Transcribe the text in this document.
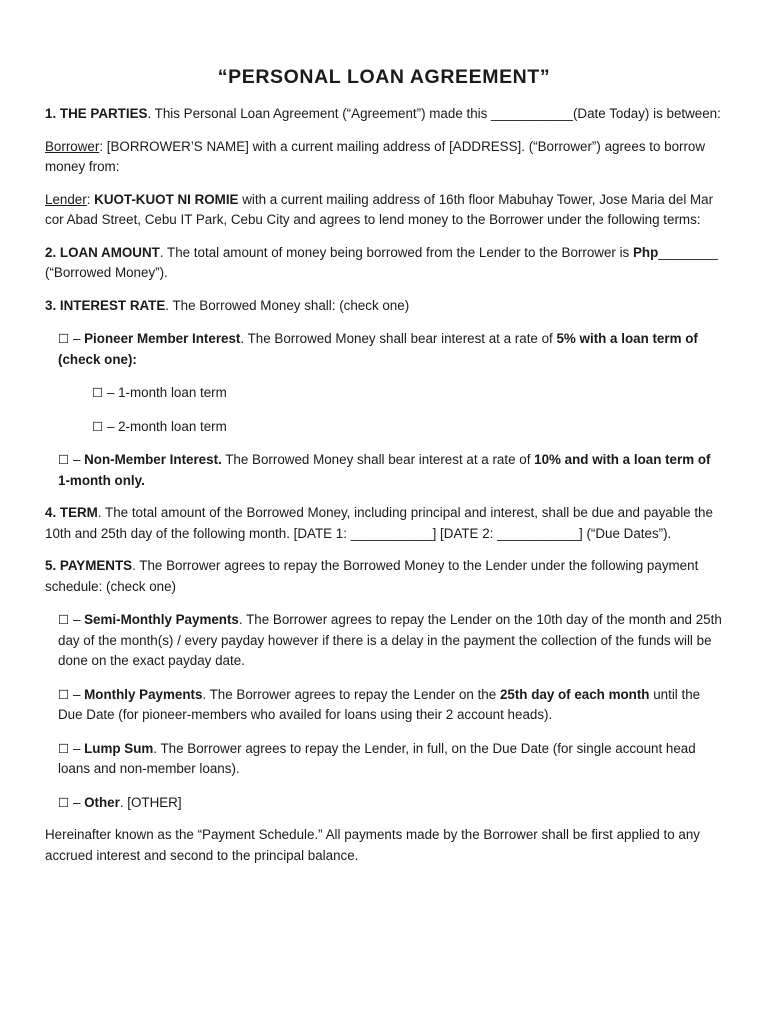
“PERSONAL LOAN AGREEMENT”

1. THE PARTIES. This Personal Loan Agreement (“Agreement”) made this ___________(Date Today) is between:

Borrower: [BORROWER’S NAME] with a current mailing address of [ADDRESS]. (“Borrower”) agrees to borrow money from:

Lender: KUOT-KUOT NI ROMIE with a current mailing address of 16th floor Mabuhay Tower, Jose Maria del Mar cor Abad Street, Cebu IT Park, Cebu City and agrees to lend money to the Borrower under the following terms:

2. LOAN AMOUNT. The total amount of money being borrowed from the Lender to the Borrower is Php________ (“Borrowed Money”).

3. INTEREST RATE. The Borrowed Money shall: (check one)

☐ – Pioneer Member Interest. The Borrowed Money shall bear interest at a rate of 5% with a loan term of (check one):

☐ – 1-month loan term

☐ – 2-month loan term

☐ – Non-Member Interest. The Borrowed Money shall bear interest at a rate of 10% and with a loan term of 1-month only.

4. TERM. The total amount of the Borrowed Money, including principal and interest, shall be due and payable the 10th and 25th day of the following month. [DATE 1: ___________] [DATE 2: ___________] (“Due Dates”).

5. PAYMENTS. The Borrower agrees to repay the Borrowed Money to the Lender under the following payment schedule: (check one)

☐ – Semi-Monthly Payments. The Borrower agrees to repay the Lender on the 10th day of the month and 25th day of the month(s) / every payday however if there is a delay in the payment the collection of the funds will be done on the exact payday date.

☐ – Monthly Payments. The Borrower agrees to repay the Lender on the 25th day of each month until the Due Date (for pioneer-members who availed for loans using their 2 account heads).

☐ – Lump Sum. The Borrower agrees to repay the Lender, in full, on the Due Date (for single account head loans and non-member loans).

☐ – Other. [OTHER]

Hereinafter known as the “Payment Schedule.” All payments made by the Borrower shall be first applied to any accrued interest and second to the principal balance.
